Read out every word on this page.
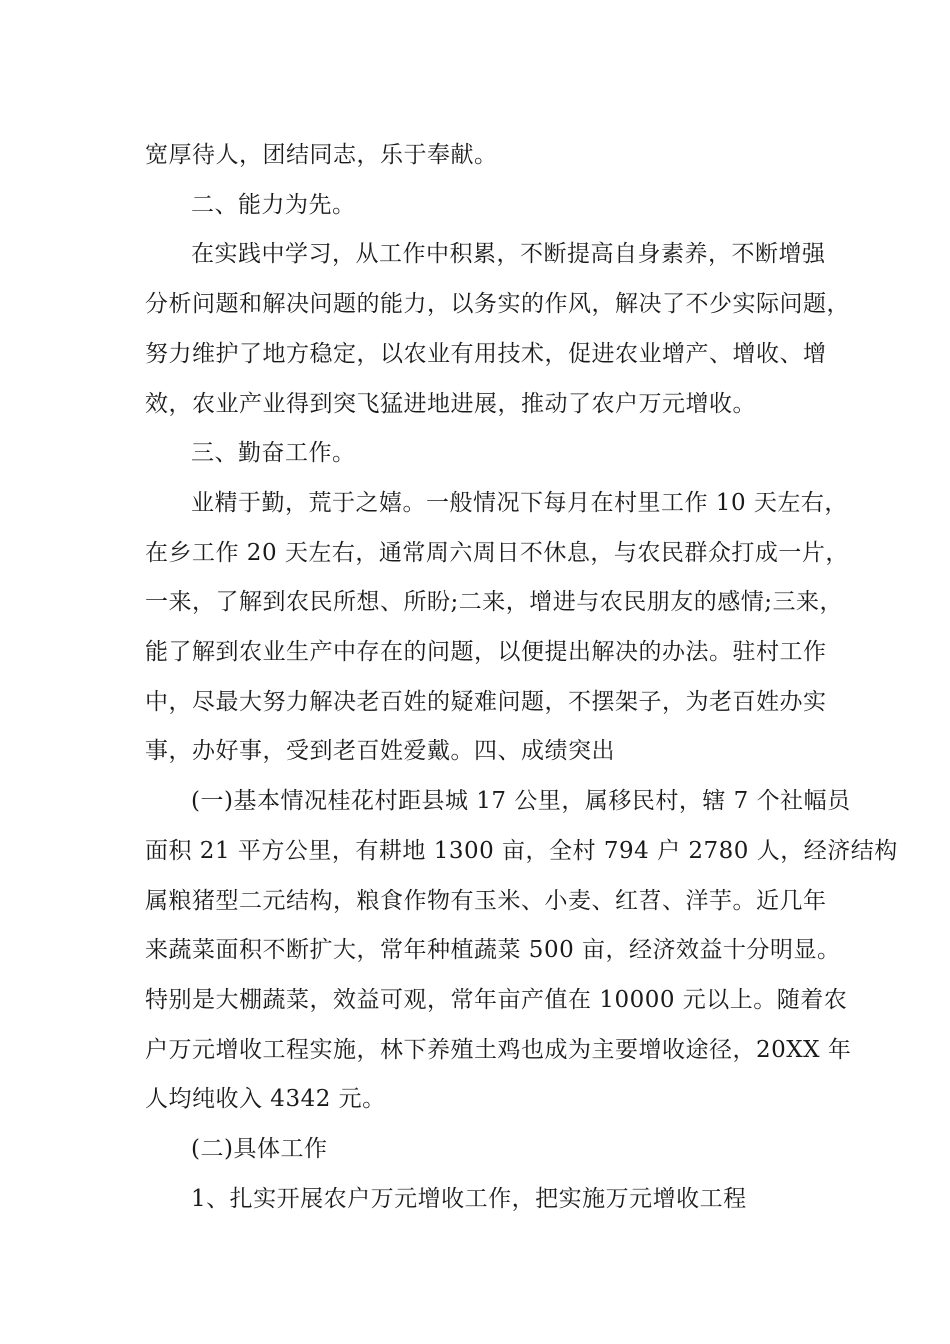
宽厚待人，团结同志，乐于奉献。

二、能力为先。

在实践中学习，从工作中积累，不断提高自身素养，不断增强
分析问题和解决问题的能力，以务实的作风，解决了不少实际问题，
努力维护了地方稳定，以农业有用技术，促进农业增产、增收、增
效，农业产业得到突飞猛进地进展，推动了农户万元增收。

三、勤奋工作。

业精于勤，荒于之嬉。一般情况下每月在村里工作 10 天左右，
在乡工作 20 天左右，通常周六周日不休息，与农民群众打成一片，
一来，了解到农民所想、所盼;二来，增进与农民朋友的感情;三来，
能了解到农业生产中存在的问题，以便提出解决的办法。驻村工作
中，尽最大努力解决老百姓的疑难问题，不摆架子，为老百姓办实
事，办好事，受到老百姓爱戴。四、成绩突出

(一)基本情况桂花村距县城 17 公里，属移民村，辖 7 个社幅员
面积 21 平方公里，有耕地 1300 亩，全村 794 户 2780 人，经济结构
属粮猪型二元结构，粮食作物有玉米、小麦、红苕、洋芋。近几年
来蔬菜面积不断扩大，常年种植蔬菜 500 亩，经济效益十分明显。
特别是大棚蔬菜，效益可观，常年亩产值在 10000 元以上。随着农
户万元增收工程实施，林下养殖土鸡也成为主要增收途径，20XX 年
人均纯收入 4342 元。

(二)具体工作

1、扎实开展农户万元增收工作，把实施万元增收工程
